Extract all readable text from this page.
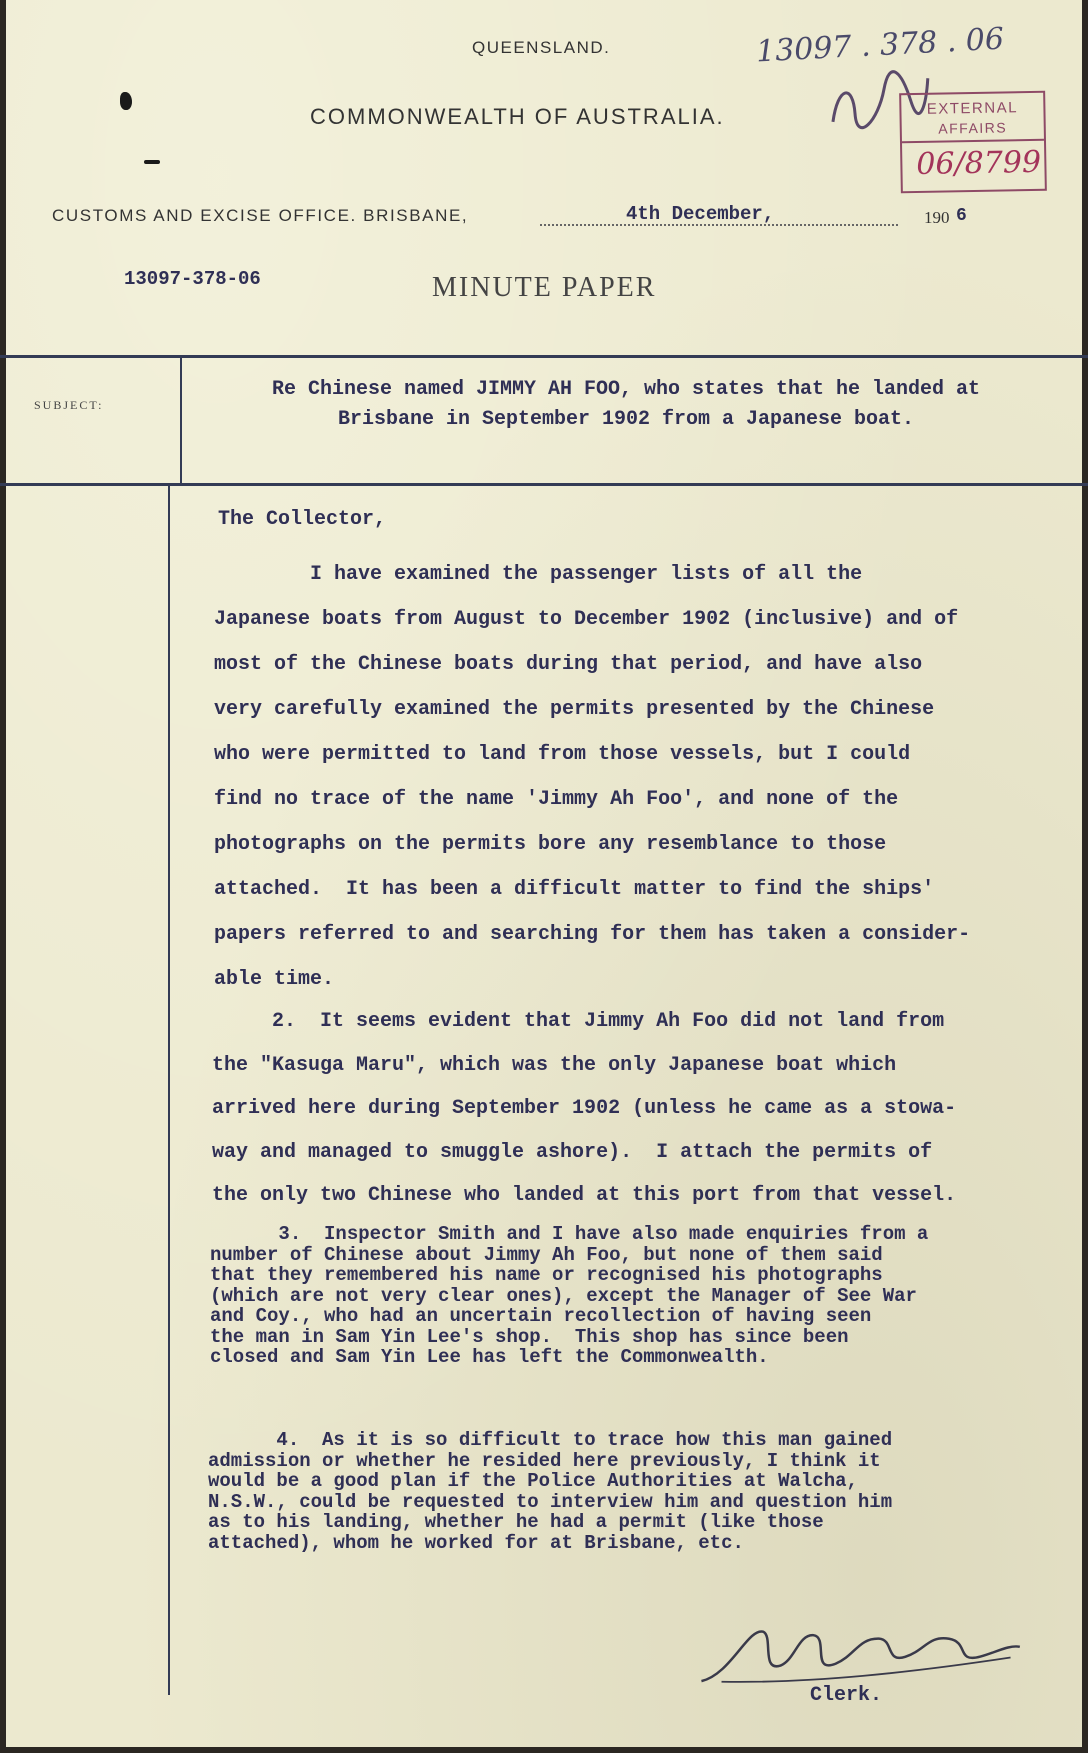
QUEENSLAND.
COMMONWEALTH OF AUSTRALIA.
CUSTOMS AND EXCISE OFFICE. BRISBANE,	4th December,	190 6
13097-378-06	MINUTE PAPER
13097 . 378 . 06
EXTERNAL
AFFAIRS
06/8799
SUBJECT:
Re Chinese named JIMMY AH FOO, who states that he landed at
Brisbane in September 1902 from a Japanese boat.
The Collector,
I have examined the passenger lists of all the
Japanese boats from August to December 1902 (inclusive) and of
most of the Chinese boats during that period, and have also
very carefully examined the permits presented by the Chinese
who were permitted to land from those vessels, but I could
find no trace of the name 'Jimmy Ah Foo', and none of the
photographs on the permits bore any resemblance to those
attached.  It has been a difficult matter to find the ships'
papers referred to and searching for them has taken a consider-
able time.
2.  It seems evident that Jimmy Ah Foo did not land from
the "Kasuga Maru", which was the only Japanese boat which
arrived here during September 1902 (unless he came as a stowa-
way and managed to smuggle ashore).  I attach the permits of
the only two Chinese who landed at this port from that vessel.
3.  Inspector Smith and I have also made enquiries from a
number of Chinese about Jimmy Ah Foo, but none of them said
that they remembered his name or recognised his photographs
(which are not very clear ones), except the Manager of See War
and Coy., who had an uncertain recollection of having seen
the man in Sam Yin Lee's shop.  This shop has since been
closed and Sam Yin Lee has left the Commonwealth.
4.  As it is so difficult to trace how this man gained
admission or whether he resided here previously, I think it
would be a good plan if the Police Authorities at Walcha,
N.S.W., could be requested to interview him and question him
as to his landing, whether he had a permit (like those
attached), whom he worked for at Brisbane, etc.
Clerk.
